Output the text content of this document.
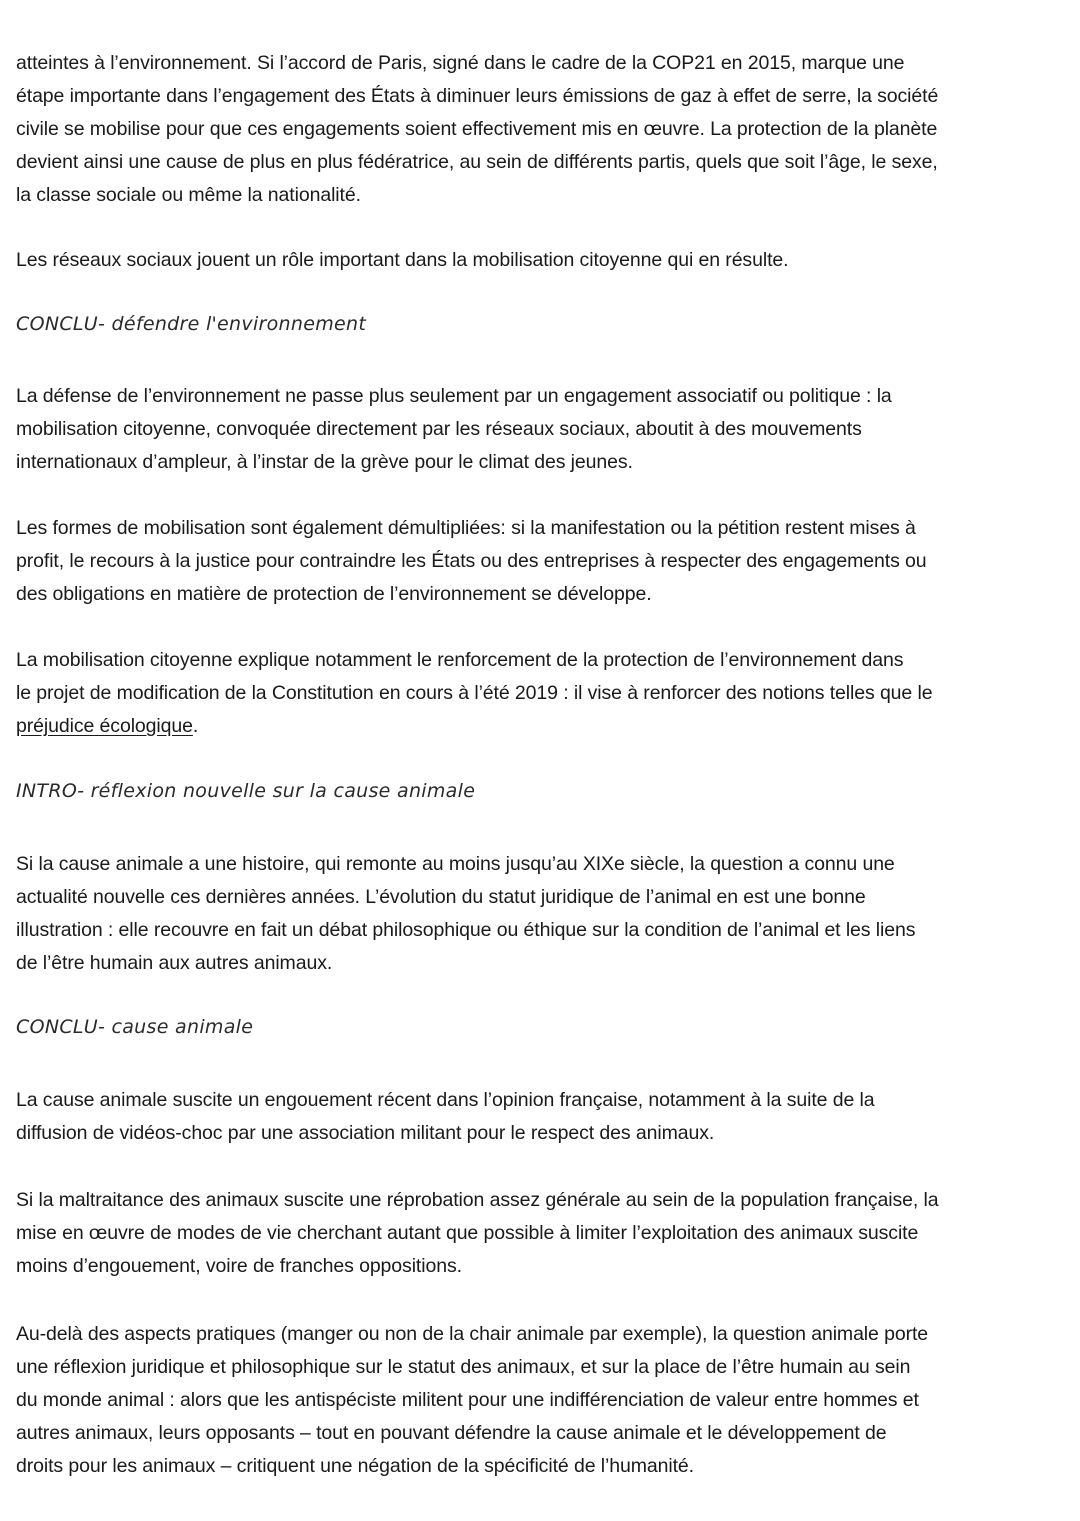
atteintes à l’environnement. Si l’accord de Paris, signé dans le cadre de la COP21 en 2015, marque une
étape importante dans l’engagement des États à diminuer leurs émissions de gaz à effet de serre, la société
civile se mobilise pour que ces engagements soient effectivement mis en œuvre. La protection de la planète
devient ainsi une cause de plus en plus fédératrice, au sein de différents partis, quels que soit l’âge, le sexe,
la classe sociale ou même la nationalité.
Les réseaux sociaux jouent un rôle important dans la mobilisation citoyenne qui en résulte.
CONCLU- défendre l'environnement
La défense de l’environnement ne passe plus seulement par un engagement associatif ou politique : la
mobilisation citoyenne, convoquée directement par les réseaux sociaux, aboutit à des mouvements
internationaux d’ampleur, à l’instar de la grève pour le climat des jeunes.
Les formes de mobilisation sont également démultipliées: si la manifestation ou la pétition restent mises à
profit, le recours à la justice pour contraindre les États ou des entreprises à respecter des engagements ou
des obligations en matière de protection de l’environnement se développe.
La mobilisation citoyenne explique notamment le renforcement de la protection de l’environnement dans
le projet de modification de la Constitution en cours à l’été 2019 : il vise à renforcer des notions telles que le
préjudice écologique.
INTRO- réflexion nouvelle sur la cause animale
Si la cause animale a une histoire, qui remonte au moins jusqu’au XIXe siècle, la question a connu une
actualité nouvelle ces dernières années. L’évolution du statut juridique de l’animal en est une bonne
illustration : elle recouvre en fait un débat philosophique ou éthique sur la condition de l’animal et les liens
de l’être humain aux autres animaux.
CONCLU- cause animale
La cause animale suscite un engouement récent dans l’opinion française, notamment à la suite de la
diffusion de vidéos-choc par une association militant pour le respect des animaux.
Si la maltraitance des animaux suscite une réprobation assez générale au sein de la population française, la
mise en œuvre de modes de vie cherchant autant que possible à limiter l’exploitation des animaux suscite
moins d’engouement, voire de franches oppositions.
Au-delà des aspects pratiques (manger ou non de la chair animale par exemple), la question animale porte
une réflexion juridique et philosophique sur le statut des animaux, et sur la place de l’être humain au sein
du monde animal : alors que les antispéciste militent pour une indifférenciation de valeur entre hommes et
autres animaux, leurs opposants – tout en pouvant défendre la cause animale et le développement de
droits pour les animaux – critiquent une négation de la spécificité de l’humanité.
